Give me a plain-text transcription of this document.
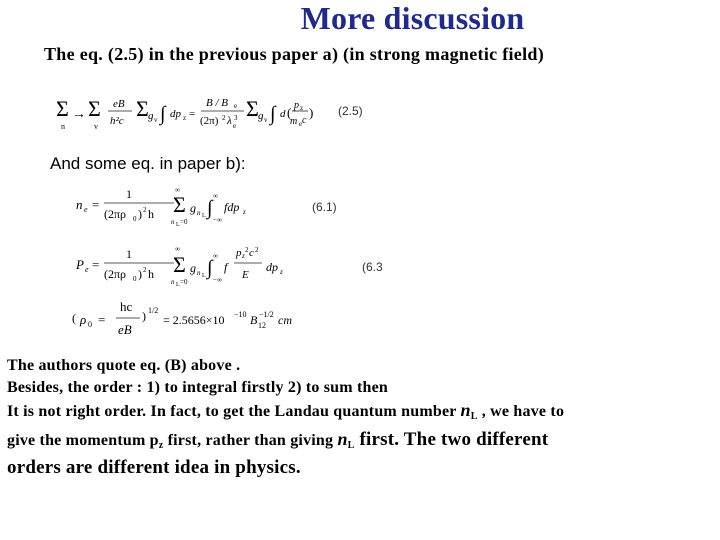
More discussion
The eq. (2.5) in the previous paper a) (in strong magnetic field)
Σ
n
→ Σ
v
eB
h²c Σ g v ∫ dp z =
B / B e
(2π) 2 λ 3
e
Σ g v ∫ d ( p z
m e c
) (2.5)
And some eq. in paper b):
n e =
1
(2πρ 0 ) 2 h
∞
Σ
n L =0
g n L ∫
∞
−∞
fdp z	(6.1)
P e =
1
(2πρ 0 ) 2 h
∞
Σ
n L =0
g n L ∫
∞
−∞
f
p z
2 c 2
E
dp z	(6.3
( ρ 0 =
hc
eB
) 1/2
= 2.5656×10 −10 B −1/2
12 cm
The authors quote eq. (B) above .
Besides, the order : 1) to integral firstly 2) to sum then
It is not right order. In fact, to get the Landau quantum number $n_L$ , we have to
give the momentum $p_z$ first, rather than giving $n_L$ first. The two different
orders are different idea in physics.
